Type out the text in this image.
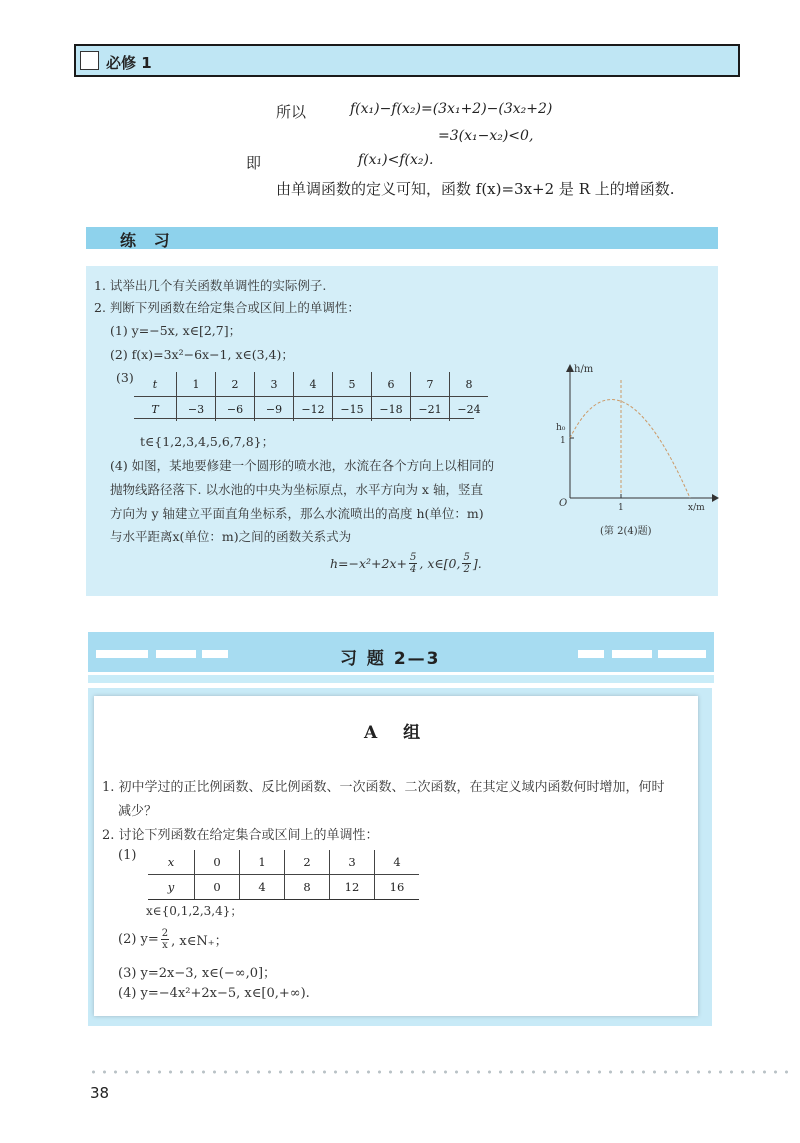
必修 1
所以	f(x₁)−f(x₂)=(3x₁+2)−(3x₂+2)
=3(x₁−x₂)<0,
即	f(x₁)<f(x₂).
由单调函数的定义可知，函数 f(x)=3x+2 是 R 上的增函数.
练 习
1. 试举出几个有关函数单调性的实际例子.
2. 判断下列函数在给定集合或区间上的单调性：
(1) y=−5x, x∈[2,7]；
(2) f(x)=3x²−6x−1, x∈(3,4)；
(3) t	1	2	3	4	5	6	7	8
T	−3	−6	−9	−12	−15	−18	−21	−24
t∈{1,2,3,4,5,6,7,8}；
(4) 如图，某地要修建一个圆形的喷水池，水流在各个方向上以相同的
抛物线路径落下. 以水池的中央为坐标原点，水平方向为 x 轴，竖直
方向为 y 轴建立平面直角坐标系，那么水流喷出的高度 h(单位：m)
与水平距离x(单位：m)之间的函数关系式为
$h=-x^2+2x+ \frac{5}{4}$ , x∈[0, $\frac{5}{2}$ ].
h/m
h₀
1
O	1	x/m
(第 2(4)题)
习 题 2—3
A 组
1. 初中学过的正比例函数、反比例函数、一次函数、二次函数，在其定义域内函数何时增加，何时
减少？
2. 讨论下列函数在给定集合或区间上的单调性：
(1)	x	0	1	2	3	4
y	0	4	8	12	16
x∈{0,1,2,3,4}；
(2) $y= \frac{2}{x}$ , x∈N₊；
(3) y=2x−3, x∈(−∞,0]；
(4) y=−4x²+2x−5, x∈[0,+∞).
38
